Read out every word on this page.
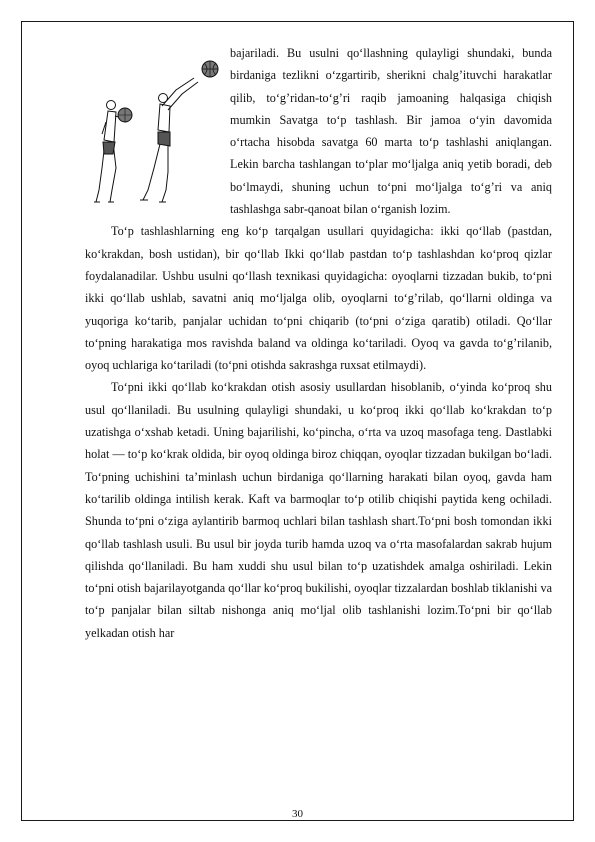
bajariladi. Bu usulni qo‘llashning qulayligi shundaki, bunda birdaniga tezlikni o‘zgartirib, sherikni chalg’ituvchi harakatlar qilib, to‘g’ridan-to‘g’ri raqib jamoaning halqasiga chiqish mumkin Savatga to‘p tashlash. Bir jamoa o‘yin davomida o‘rtacha hisobda savatga 60 marta to‘p tashlashi aniqlangan. Lekin barcha tashlangan to‘plar mo‘ljalga aniq yetib boradi, deb bo‘lmaydi, shuning uchun to‘pni mo‘ljalga to‘g’ri va aniq tashlashga sabr-qanoat bilan o‘rganish lozim.

To‘p tashlashlarning eng ko‘p tarqalgan usullari quyidagicha: ikki qo‘llab (pastdan, ko‘krakdan, bosh ustidan), bir qo‘llab Ikki qo‘llab pastdan to‘p tashlashdan ko‘proq qizlar foydalanadilar. Ushbu usulni qo‘llash texnikasi quyidagicha: oyoqlarni tizzadan bukib, to‘pni ikki qo‘llab ushlab, savatni aniq mo‘ljalga olib, oyoqlarni to‘g’rilab, qo‘llarni oldinga va yuqoriga ko‘tarib, panjalar uchidan to‘pni chiqarib (to‘pni o‘ziga qaratib) otiladi. Qo‘llar to‘pning harakatiga mos ravishda baland va oldinga ko‘tariladi. Oyoq va gavda to‘g’rilanib, oyoq uchlariga ko‘tariladi (to‘pni otishda sakrashga ruxsat etilmaydi).

To‘pni ikki qo‘llab ko‘krakdan otish asosiy usullardan hisoblanib, o‘yinda ko‘proq shu usul qo‘llaniladi. Bu usulning qulayligi shundaki, u ko‘proq ikki qo‘llab ko‘krakdan to‘p uzatishga o‘xshab ketadi. Uning bajarilishi, ko‘pincha, o‘rta va uzoq masofaga teng. Dastlabki holat — to‘p ko‘krak oldida, bir oyoq oldinga biroz chiqqan, oyoqlar tizzadan bukilgan bo‘ladi. To‘pning uchishini ta’minlash uchun birdaniga qo‘llarning harakati bilan oyoq, gavda ham ko‘tarilib oldinga intilish kerak. Kaft va barmoqlar to‘p otilib chiqishi paytida keng ochiladi. Shunda to‘pni o‘ziga aylantirib barmoq uchlari bilan tashlash shart.To‘pni bosh tomondan ikki qo‘llab tashlash usuli. Bu usul bir joyda turib hamda uzoq va o‘rta masofalardan sakrab hujum qilishda qo‘llaniladi. Bu ham xuddi shu usul bilan to‘p uzatishdek amalga oshiriladi. Lekin to‘pni otish bajarilayotganda qo‘llar ko‘proq bukilishi, oyoqlar tizzalardan boshlab tiklanishi va to‘p panjalar bilan siltab nishonga aniq mo‘ljal olib tashlanishi lozim.To‘pni bir qo‘llab yelkadan otish har

30
